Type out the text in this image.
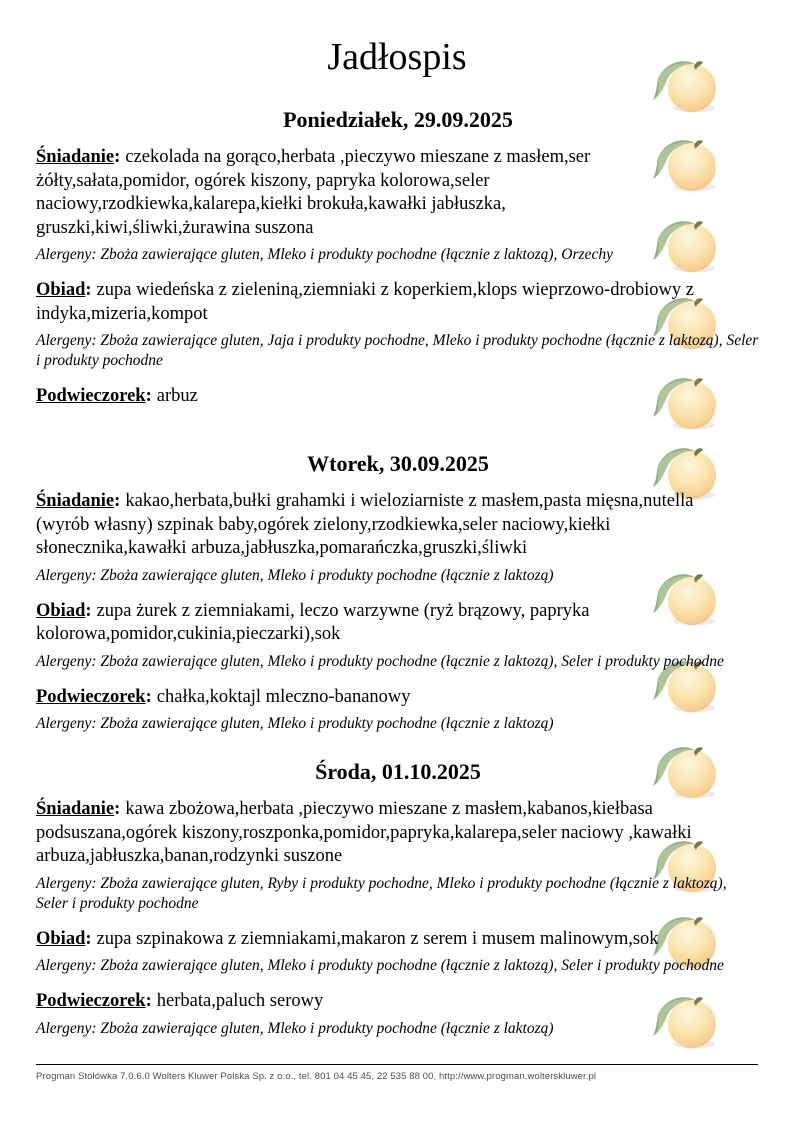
Jadłospis
Poniedziałek, 29.09.2025

Śniadanie: czekolada na gorąco,herbata ,pieczywo mieszane z masłem,ser żółty,sałata,pomidor, ogórek kiszony, papryka kolorowa,seler naciowy,rzodkiewka,kalarepa,kiełki brokuła,kawałki jabłuszka, gruszki,kiwi,śliwki,żurawina suszona

Alergeny: Zboża zawierające gluten, Mleko i produkty pochodne (łącznie z laktozą), Orzechy

Obiad: zupa wiedeńska z zieleniną,ziemniaki z koperkiem,klops wieprzowo-drobiowy z indyka,mizeria,kompot

Alergeny: Zboża zawierające gluten, Jaja i produkty pochodne, Mleko i produkty pochodne (łącznie z laktozą), Seler i produkty pochodne

Podwieczorek: arbuz

Wtorek, 30.09.2025

Śniadanie: kakao,herbata,bułki grahamki i wieloziarniste z masłem,pasta mięsna,nutella (wyrób własny) szpinak baby,ogórek zielony,rzodkiewka,seler naciowy,kiełki słonecznika,kawałki arbuza,jabłuszka,pomarańczka,gruszki,śliwki

Alergeny: Zboża zawierające gluten, Mleko i produkty pochodne (łącznie z laktozą)

Obiad: zupa żurek z ziemniakami, leczo warzywne (ryż brązowy, papryka kolorowa,pomidor,cukinia,pieczarki),sok

Alergeny: Zboża zawierające gluten, Mleko i produkty pochodne (łącznie z laktozą), Seler i produkty pochodne

Podwieczorek: chałka,koktajl mleczno-bananowy

Alergeny: Zboża zawierające gluten, Mleko i produkty pochodne (łącznie z laktozą)

Środa, 01.10.2025

Śniadanie: kawa zbożowa,herbata ,pieczywo mieszane z masłem,kabanos,kiełbasa podsuszana,ogórek kiszony,roszponka,pomidor,papryka,kalarepa,seler naciowy ,kawałki arbuza,jabłuszka,banan,rodzynki suszone

Alergeny: Zboża zawierające gluten, Ryby i produkty pochodne, Mleko i produkty pochodne (łącznie z laktozą), Seler i produkty pochodne

Obiad: zupa szpinakowa z ziemniakami,makaron z serem i musem malinowym,sok

Alergeny: Zboża zawierające gluten, Mleko i produkty pochodne (łącznie z laktozą), Seler i produkty pochodne

Podwieczorek: herbata,paluch serowy

Alergeny: Zboża zawierające gluten, Mleko i produkty pochodne (łącznie z laktozą)

Progman Stołówka 7.0.6.0 Wolters Kluwer Polska Sp. z o.o., tel. 801 04 45 45, 22 535 88 00, http://www.progman.wolterskluwer.pl
